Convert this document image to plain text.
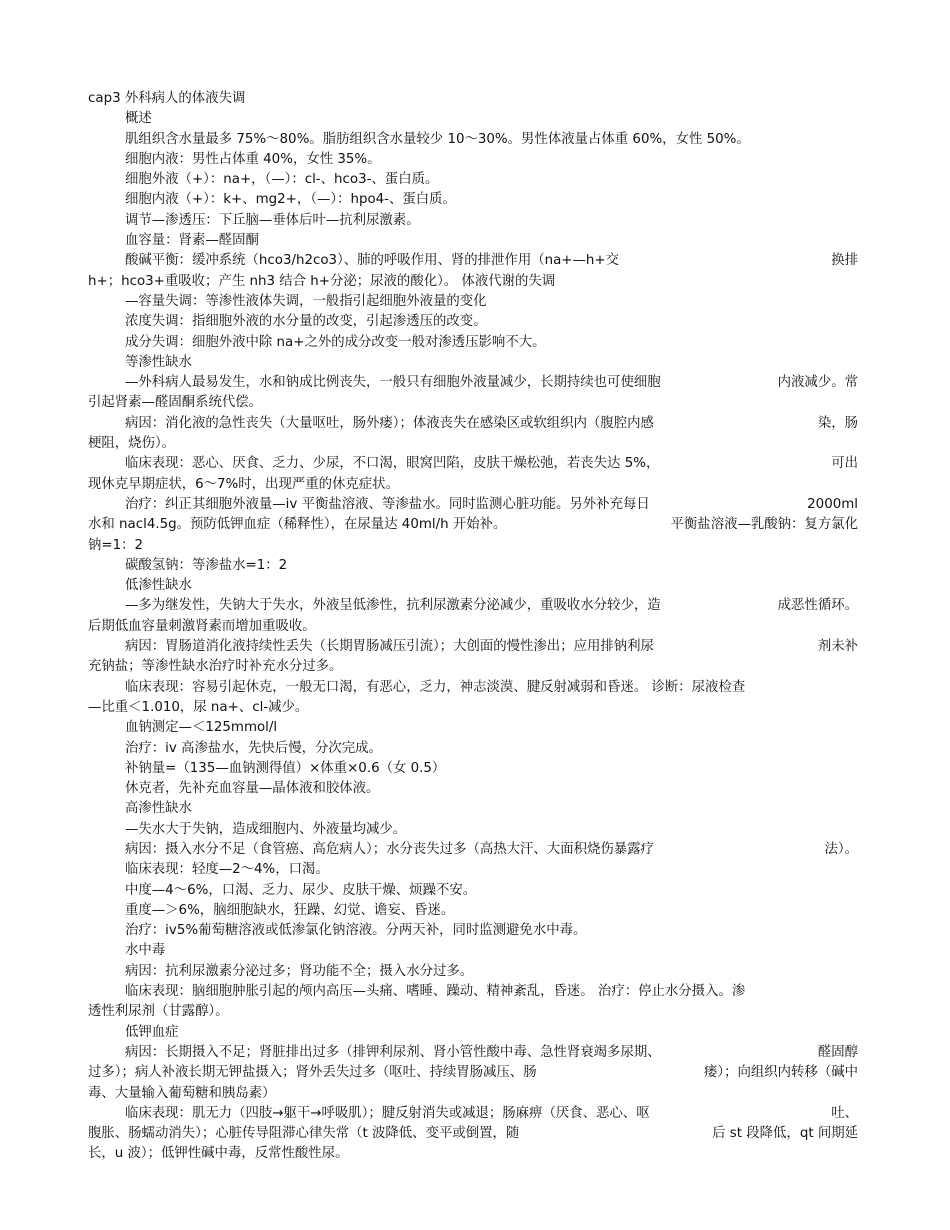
cap3 外科病人的体液失调
概述
肌组织含水量最多 75%～80%。脂肪组织含水量较少 10～30%。男性体液量占体重 60%，女性 50%。
细胞内液：男性占体重 40%，女性 35%。
细胞外液（+）：na+，（—）：cl-、hco3-、蛋白质。
细胞内液（+）：k+、mg2+，（—）：hpo4-、蛋白质。
调节—渗透压：下丘脑—垂体后叶—抗利尿激素。
血容量：肾素—醛固酮
酸碱平衡：缓冲系统（hco3/h2co3）、肺的呼吸作用、肾的排泄作用（na+—h+交	换排
h+；hco3+重吸收；产生 nh3 结合 h+分泌；尿液的酸化）。 体液代谢的失调
—容量失调：等渗性液体失调，一般指引起细胞外液量的变化
浓度失调：指细胞外液的水分量的改变，引起渗透压的改变。
成分失调：细胞外液中除 na+之外的成分改变一般对渗透压影响不大。
等渗性缺水
—外科病人最易发生，水和钠成比例丧失，一般只有细胞外液量减少，长期持续也可使细胞	内液减少。常
引起肾素—醛固酮系统代偿。
病因：消化液的急性丧失（大量呕吐，肠外瘘）；体液丧失在感染区或软组织内（腹腔内感	染，肠
梗阻，烧伤）。
临床表现：恶心、厌食、乏力、少尿，不口渴，眼窝凹陷，皮肤干燥松弛，若丧失达 5%，	可出
现休克早期症状，6～7%时，出现严重的休克症状。
治疗：纠正其细胞外液量—iv 平衡盐溶液、等渗盐水。同时监测心脏功能。另外补充每日	2000ml
水和 nacl4.5g。预防低钾血症（稀释性），在尿量达 40ml/h 开始补。	平衡盐溶液—乳酸钠：复方氯化
钠=1：2
碳酸氢钠：等渗盐水=1：2
低渗性缺水
—多为继发性，失钠大于失水，外液呈低渗性，抗利尿激素分泌减少，重吸收水分较少，造	成恶性循环。
后期低血容量刺激肾素而增加重吸收。
病因：胃肠道消化液持续性丢失（长期胃肠减压引流）；大创面的慢性渗出；应用排钠利尿	剂未补
充钠盐；等渗性缺水治疗时补充水分过多。
临床表现：容易引起休克，一般无口渴，有恶心，乏力，神志淡漠、腱反射减弱和昏迷。 诊断：尿液检查
—比重＜1.010，尿 na+、cl-减少。
血钠测定—＜125mmol/l
治疗：iv 高渗盐水，先快后慢，分次完成。
补钠量=（135—血钠测得值）×体重×0.6（女 0.5）
休克者，先补充血容量—晶体液和胶体液。
高渗性缺水
—失水大于失钠，造成细胞内、外液量均减少。
病因：摄入水分不足（食管癌、高危病人）；水分丧失过多（高热大汗、大面积烧伤暴露疗	法）。
临床表现：轻度—2～4%，口渴。
中度—4～6%，口渴、乏力、尿少、皮肤干燥、烦躁不安。
重度—＞6%，脑细胞缺水，狂躁、幻觉、谵妄、昏迷。
治疗：iv5%葡萄糖溶液或低渗氯化钠溶液。分两天补，同时监测避免水中毒。
水中毒
病因：抗利尿激素分泌过多；肾功能不全；摄入水分过多。
临床表现：脑细胞肿胀引起的颅内高压—头痛、嗜睡、躁动、精神紊乱，昏迷。 治疗：停止水分摄入。渗
透性利尿剂（甘露醇）。
低钾血症
病因：长期摄入不足；肾脏排出过多（排钾利尿剂、肾小管性酸中毒、急性肾衰竭多尿期、	醛固醇
过多）；病人补液长期无钾盐摄入；肾外丢失过多（呕吐、持续胃肠减压、肠	瘘）；向组织内转移（碱中
毒、大量输入葡萄糖和胰岛素）
临床表现：肌无力（四肢→躯干→呼吸肌）；腱反射消失或减退；肠麻痹（厌食、恶心、呕	吐、
腹胀、肠蠕动消失）；心脏传导阻滞心律失常（t 波降低、变平或倒置，随	后 st 段降低，qt 间期延
长，u 波）；低钾性碱中毒，反常性酸性尿。
